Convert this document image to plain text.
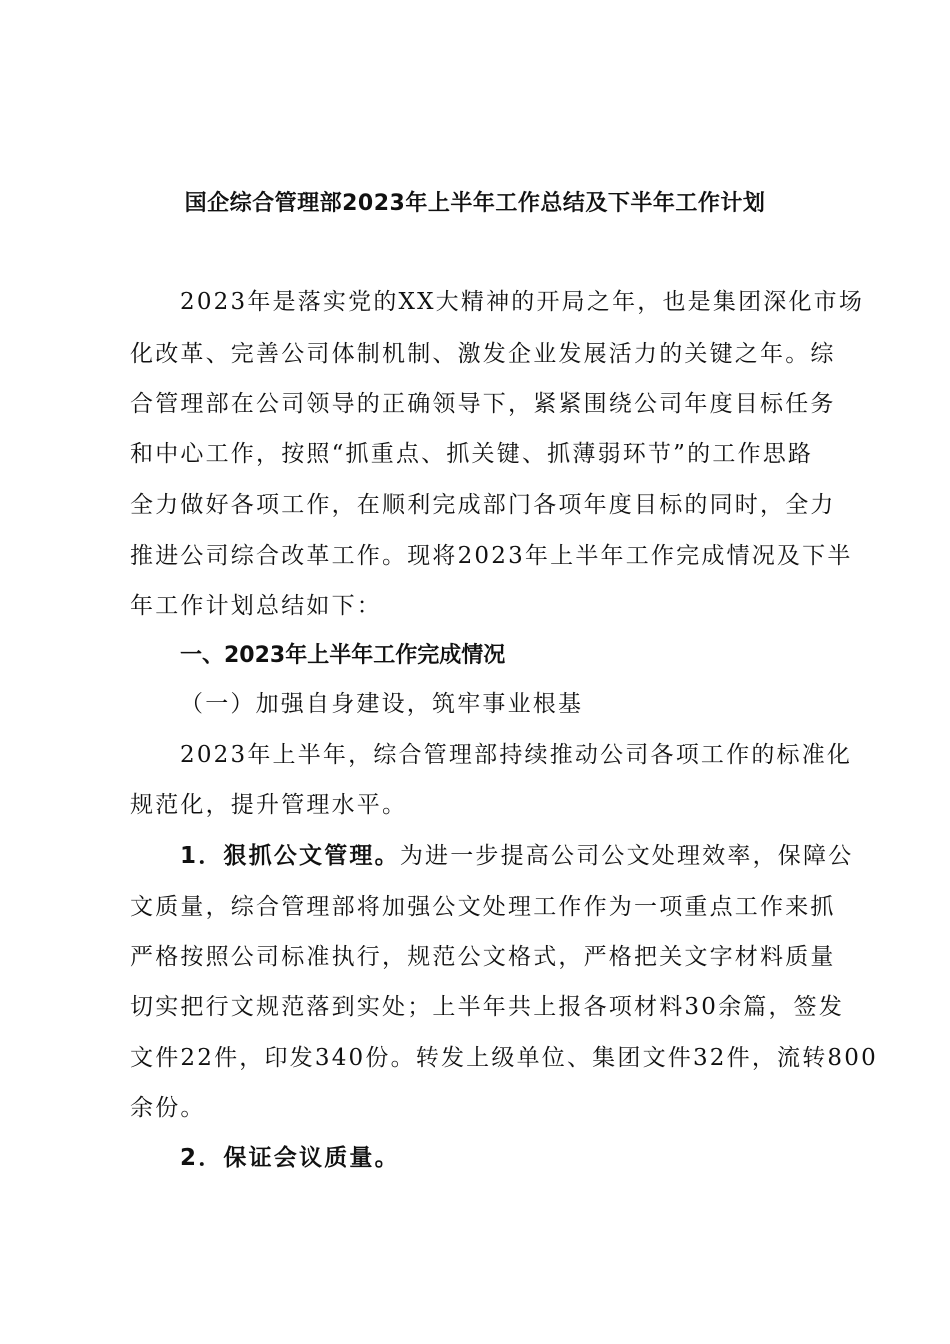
国企综合管理部2023年上半年工作总结及下半年工作计划

2023年是落实党的XX大精神的开局之年，也是集团深化市场

化改革、完善公司体制机制、激发企业发展活力的关键之年。综

合管理部在公司领导的正确领导下，紧紧围绕公司年度目标任务

和中心工作，按照“抓重点、抓关键、抓薄弱环节”的工作思路

全力做好各项工作，在顺利完成部门各项年度目标的同时，全力

推进公司综合改革工作。现将2023年上半年工作完成情况及下半

年工作计划总结如下：

一、2023年上半年工作完成情况

（一）加强自身建设，筑牢事业根基

2023年上半年，综合管理部持续推动公司各项工作的标准化

规范化，提升管理水平。

1．狠抓公文管理。为进一步提高公司公文处理效率，保障公

文质量，综合管理部将加强公文处理工作作为一项重点工作来抓

严格按照公司标准执行，规范公文格式，严格把关文字材料质量

切实把行文规范落到实处；上半年共上报各项材料30余篇，签发

文件22件，印发340份。转发上级单位、集团文件32件，流转800

余份。

2．保证会议质量。
